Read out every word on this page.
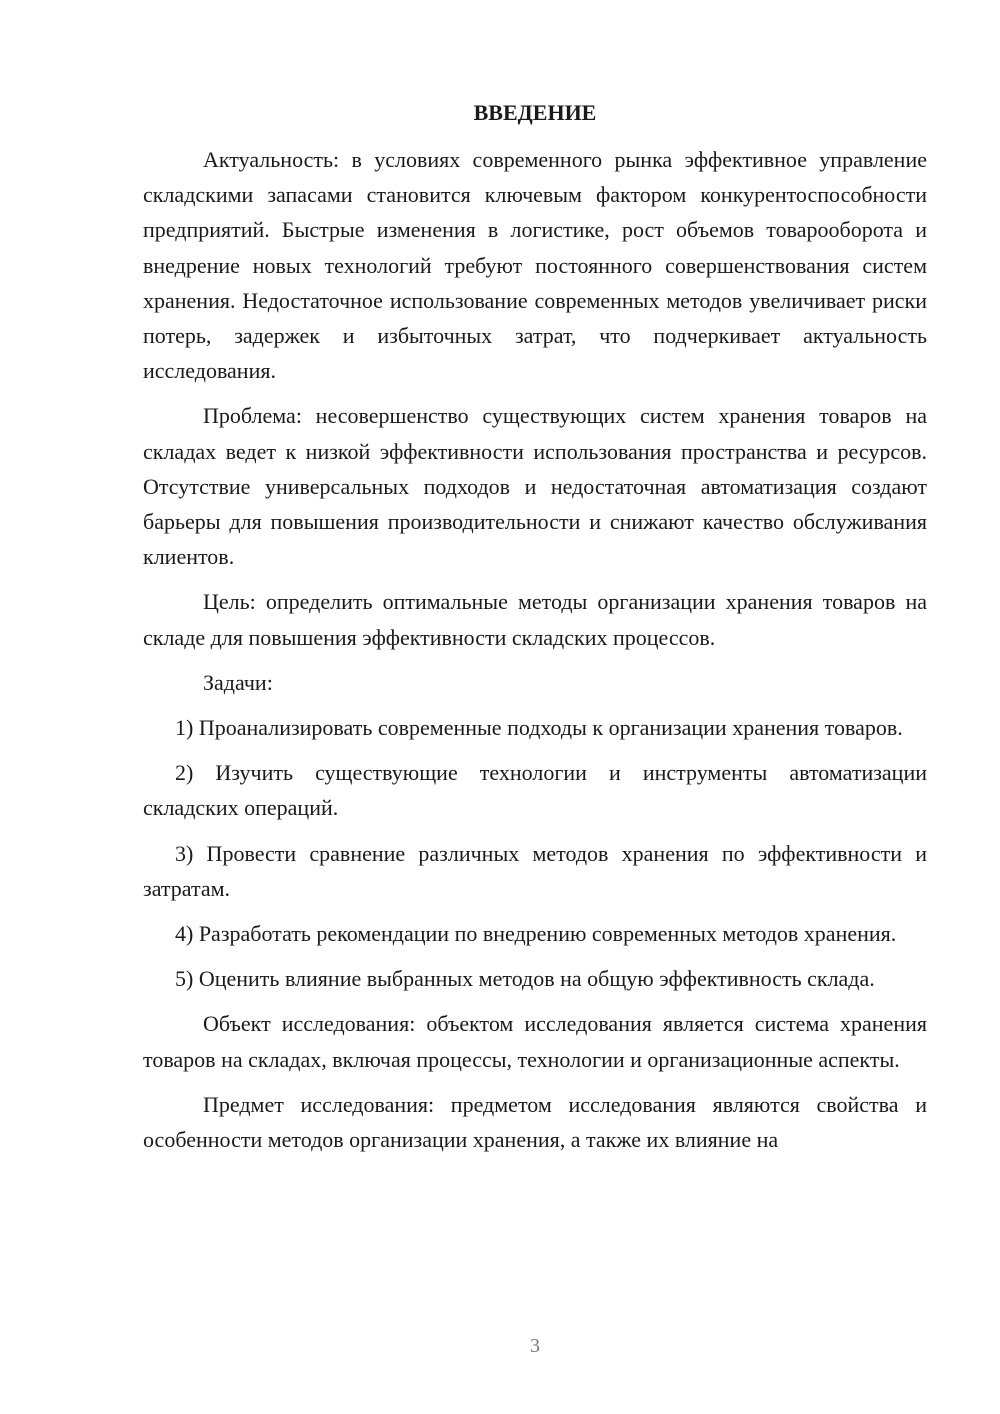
ВВЕДЕНИЕ

Актуальность: в условиях современного рынка эффективное управление складскими запасами становится ключевым фактором конкурентоспособности предприятий. Быстрые изменения в логистике, рост объемов товарооборота и внедрение новых технологий требуют постоянного совершенствования систем хранения. Недостаточное использование современных методов увеличивает риски потерь, задержек и избыточных затрат, что подчеркивает актуальность исследования.

Проблема: несовершенство существующих систем хранения товаров на складах ведет к низкой эффективности использования пространства и ресурсов. Отсутствие универсальных подходов и недостаточная автоматизация создают барьеры для повышения производительности и снижают качество обслуживания клиентов.

Цель: определить оптимальные методы организации хранения товаров на складе для повышения эффективности складских процессов.

Задачи:

1) Проанализировать современные подходы к организации хранения товаров.

2) Изучить существующие технологии и инструменты автоматизации складских операций.

3) Провести сравнение различных методов хранения по эффективности и затратам.

4) Разработать рекомендации по внедрению современных методов хранения.

5) Оценить влияние выбранных методов на общую эффективность склада.

Объект исследования: объектом исследования является система хранения товаров на складах, включая процессы, технологии и организационные аспекты.

Предмет исследования: предметом исследования являются свойства и особенности методов организации хранения, а также их влияние на

3
